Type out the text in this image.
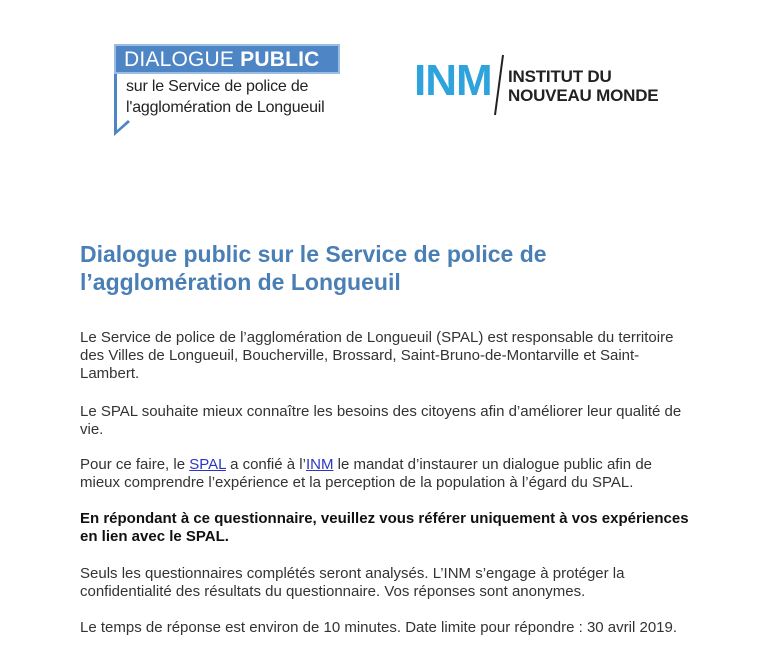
DIALOGUE PUBLIC
sur le Service de police de
l'agglomération de Longueuil
INM INSTITUT DU
NOUVEAU MONDE
Dialogue public sur le Service de police de l’agglomération de Longueuil

Le Service de police de l’agglomération de Longueuil (SPAL) est responsable du territoire des Villes de Longueuil, Boucherville, Brossard, Saint-Bruno-de-Montarville et Saint-Lambert.

Le SPAL souhaite mieux connaître les besoins des citoyens afin d’améliorer leur qualité de vie.

Pour ce faire, le SPAL a confié à l’INM le mandat d’instaurer un dialogue public afin de mieux comprendre l’expérience et la perception de la population à l’égard du SPAL.

En répondant à ce questionnaire, veuillez vous référer uniquement à vos expériences en lien avec le SPAL.

Seuls les questionnaires complétés seront analysés. L’INM s’engage à protéger la confidentialité des résultats du questionnaire. Vos réponses sont anonymes.

Le temps de réponse est environ de 10 minutes. Date limite pour répondre : 30 avril 2019.
